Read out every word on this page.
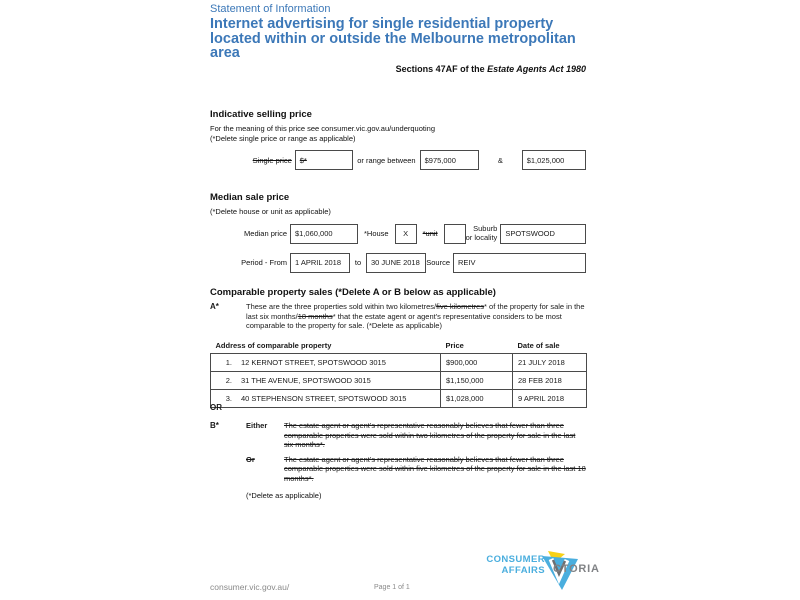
Statement of Information

Internet advertising for single residential property located within or outside the Melbourne metropolitan area

Sections 47AF of the Estate Agents Act 1980
Indicative selling price
For the meaning of this price see consumer.vic.gov.au/underquoting
(*Delete single price or range as applicable)
Single price $*	or range between	$975,000	&	$1,025,000
Median sale price
(*Delete house or unit as applicable)
Median price	$1,060,000	*House	X	*unit
Suburb
or locality	SPOTSWOOD
Period - From	1 APRIL 2018	to	30 JUNE 2018 Source	REIV
Comparable property sales (*Delete A or B below as applicable)
A*	These are the three properties sold within two kilometres/five kilometres* of the property for sale in the last six months/18 months* that the estate agent or agent's representative considers to be most comparable to the property for sale. (*Delete as applicable)
Address of comparable property	Price	Date of sale
1. 12 KERNOT STREET, SPOTSWOOD 3015	$900,000	21 JULY 2018
2. 31 THE AVENUE, SPOTSWOOD 3015	$1,150,000	28 FEB 2018
3. 40 STEPHENSON STREET, SPOTSWOOD 3015	$1,028,000	9 APRIL 2018
OR
B*	Either	The estate agent or agent's representative reasonably believes that fewer than three comparable properties were sold within two kilometres of the property for sale in the last six months*.
Or	The estate agent or agent's representative reasonably believes that fewer than three comparable properties were sold within five kilometres of the property for sale in the last 18 months*.
(*Delete as applicable)
CONSUMER
AFFAIRS CTORIA
consumer.vic.gov.au/	Page 1 of 1
